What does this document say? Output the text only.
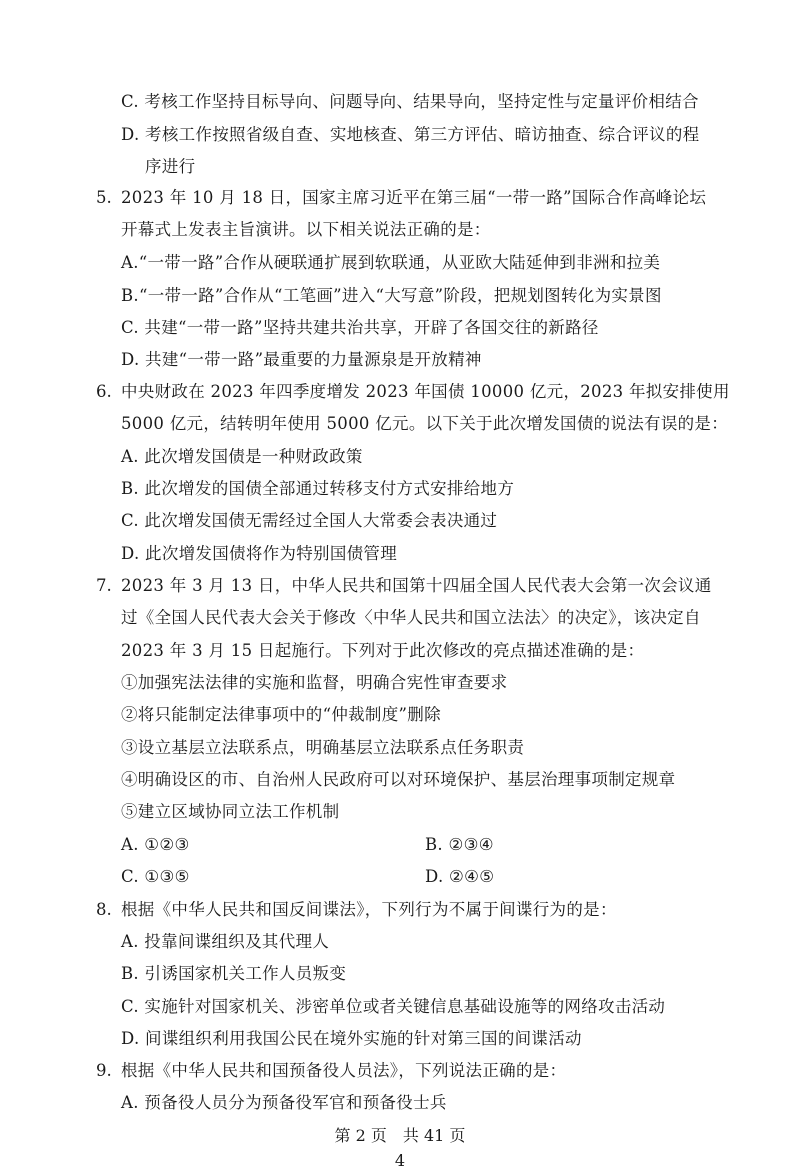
C. 考核工作坚持目标导向、问题导向、结果导向，坚持定性与定量评价相结合
D. 考核工作按照省级自查、实地核查、第三方评估、暗访抽查、综合评议的程
序进行
5. 2023 年 10 月 18 日，国家主席习近平在第三届“一带一路”国际合作高峰论坛
开幕式上发表主旨演讲。以下相关说法正确的是：
A.“一带一路”合作从硬联通扩展到软联通，从亚欧大陆延伸到非洲和拉美
B.“一带一路”合作从“工笔画”进入“大写意”阶段，把规划图转化为实景图
C. 共建“一带一路”坚持共建共治共享，开辟了各国交往的新路径
D. 共建“一带一路”最重要的力量源泉是开放精神
6. 中央财政在 2023 年四季度增发 2023 年国债 10000 亿元，2023 年拟安排使用
5000 亿元，结转明年使用 5000 亿元。以下关于此次增发国债的说法有误的是：
A. 此次增发国债是一种财政政策
B. 此次增发的国债全部通过转移支付方式安排给地方
C. 此次增发国债无需经过全国人大常委会表决通过
D. 此次增发国债将作为特别国债管理
7. 2023 年 3 月 13 日，中华人民共和国第十四届全国人民代表大会第一次会议通
过《全国人民代表大会关于修改〈中华人民共和国立法法〉的决定》，该决定自
2023 年 3 月 15 日起施行。下列对于此次修改的亮点描述准确的是：
①加强宪法法律的实施和监督，明确合宪性审查要求
②将只能制定法律事项中的“仲裁制度”删除
③设立基层立法联系点，明确基层立法联系点任务职责
④明确设区的市、自治州人民政府可以对环境保护、基层治理事项制定规章
⑤建立区域协同立法工作机制
A. ①②③	B. ②③④
C. ①③⑤	D. ②④⑤
8. 根据《中华人民共和国反间谍法》，下列行为不属于间谍行为的是：
A. 投靠间谍组织及其代理人
B. 引诱国家机关工作人员叛变
C. 实施针对国家机关、涉密单位或者关键信息基础设施等的网络攻击活动
D. 间谍组织利用我国公民在境外实施的针对第三国的间谍活动
9. 根据《中华人民共和国预备役人员法》，下列说法正确的是：
A. 预备役人员分为预备役军官和预备役士兵
第 2 页　共 41 页
4
